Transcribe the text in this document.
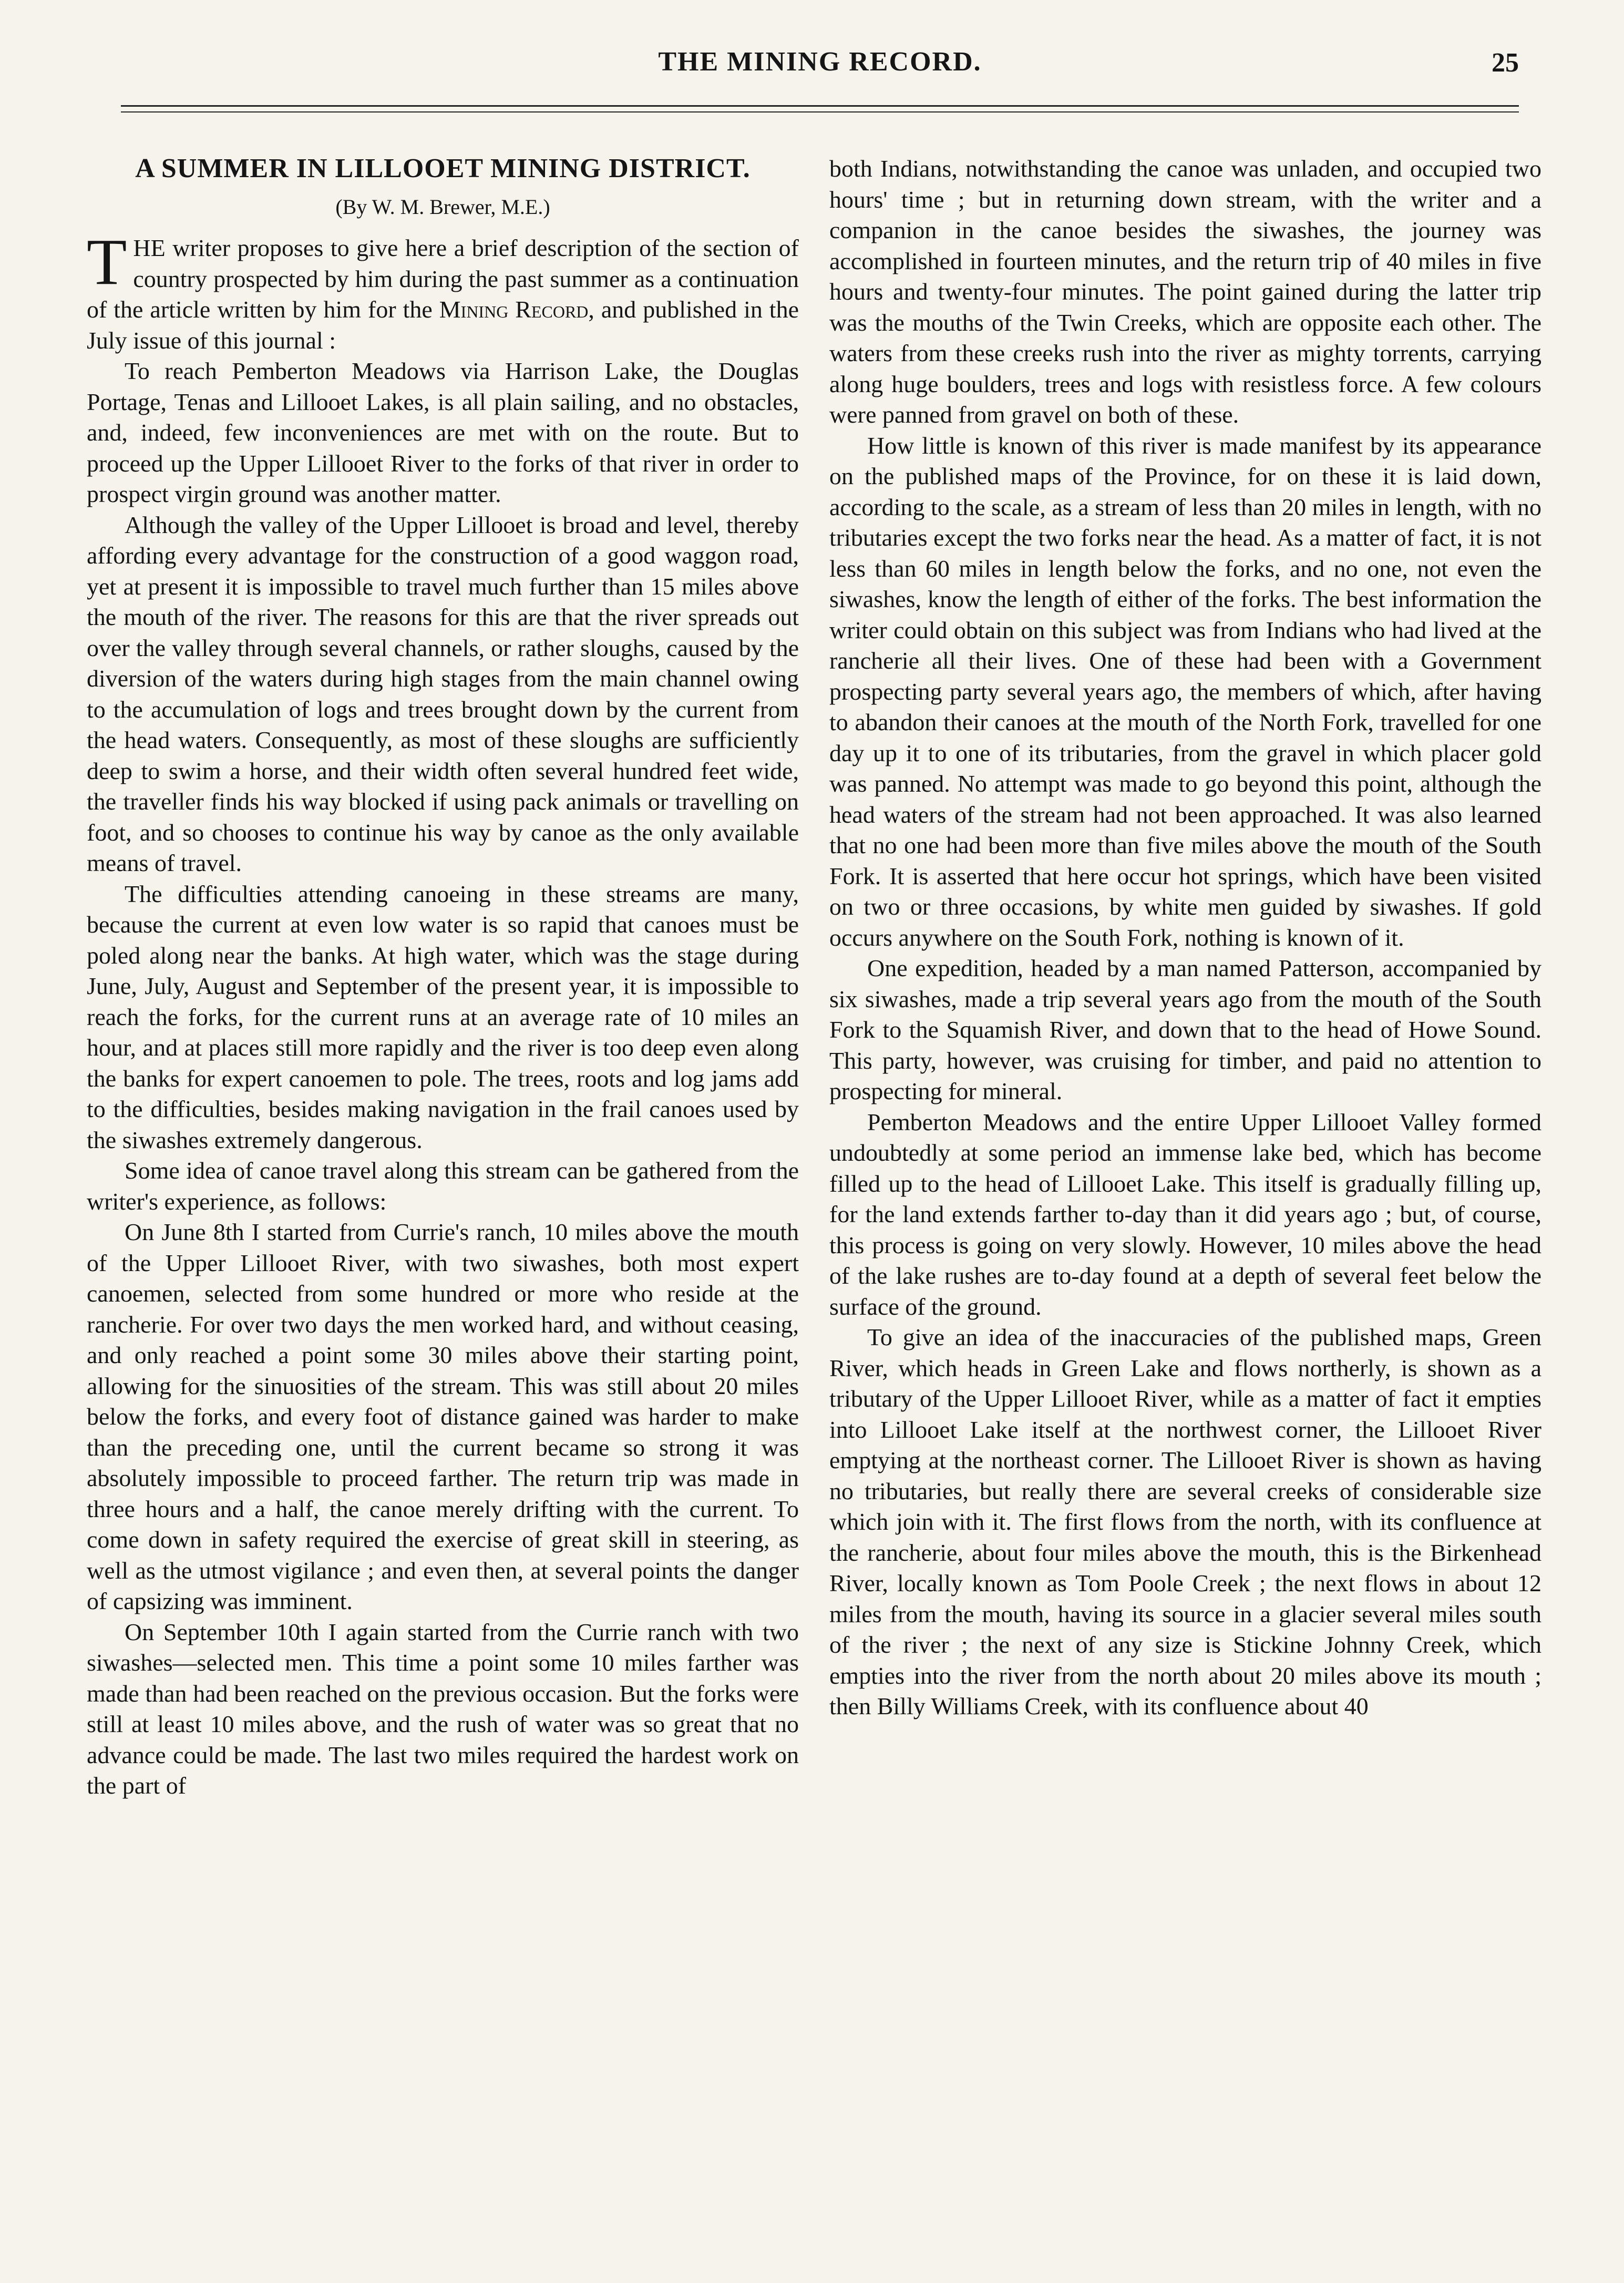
THE MINING RECORD.	25
A SUMMER IN LILLOOET MINING DISTRICT.
(By W. M. Brewer, M.E.)

THE writer proposes to give here a brief description of the section of country prospected by him during the past summer as a continuation of the article written by him for the Mining Record, and published in the July issue of this journal :

To reach Pemberton Meadows via Harrison Lake, the Douglas Portage, Tenas and Lillooet Lakes, is all plain sailing, and no obstacles, and, indeed, few inconveniences are met with on the route. But to proceed up the Upper Lillooet River to the forks of that river in order to prospect virgin ground was another matter.

Although the valley of the Upper Lillooet is broad and level, thereby affording every advantage for the construction of a good waggon road, yet at present it is impossible to travel much further than 15 miles above the mouth of the river. The reasons for this are that the river spreads out over the valley through several channels, or rather sloughs, caused by the diversion of the waters during high stages from the main channel owing to the accumulation of logs and trees brought down by the current from the head waters. Consequently, as most of these sloughs are sufficiently deep to swim a horse, and their width often several hundred feet wide, the traveller finds his way blocked if using pack animals or travelling on foot, and so chooses to continue his way by canoe as the only available means of travel.

The difficulties attending canoeing in these streams are many, because the current at even low water is so rapid that canoes must be poled along near the banks. At high water, which was the stage during June, July, August and September of the present year, it is impossible to reach the forks, for the current runs at an average rate of 10 miles an hour, and at places still more rapidly and the river is too deep even along the banks for expert canoemen to pole. The trees, roots and log jams add to the difficulties, besides making navigation in the frail canoes used by the siwashes extremely dangerous.

Some idea of canoe travel along this stream can be gathered from the writer's experience, as follows:

On June 8th I started from Currie's ranch, 10 miles above the mouth of the Upper Lillooet River, with two siwashes, both most expert canoemen, selected from some hundred or more who reside at the rancherie. For over two days the men worked hard, and without ceasing, and only reached a point some 30 miles above their starting point, allowing for the sinuosities of the stream. This was still about 20 miles below the forks, and every foot of distance gained was harder to make than the preceding one, until the current became so strong it was absolutely impossible to proceed farther. The return trip was made in three hours and a half, the canoe merely drifting with the current. To come down in safety required the exercise of great skill in steering, as well as the utmost vigilance ; and even then, at several points the danger of capsizing was imminent.

On September 10th I again started from the Currie ranch with two siwashes—selected men. This time a point some 10 miles farther was made than had been reached on the previous occasion. But the forks were still at least 10 miles above, and the rush of water was so great that no advance could be made. The last two miles required the hardest work on the part of

both Indians, notwithstanding the canoe was unladen, and occupied two hours' time ; but in returning down stream, with the writer and a companion in the canoe besides the siwashes, the journey was accomplished in fourteen minutes, and the return trip of 40 miles in five hours and twenty-four minutes. The point gained during the latter trip was the mouths of the Twin Creeks, which are opposite each other. The waters from these creeks rush into the river as mighty torrents, carrying along huge boulders, trees and logs with resistless force. A few colours were panned from gravel on both of these.

How little is known of this river is made manifest by its appearance on the published maps of the Province, for on these it is laid down, according to the scale, as a stream of less than 20 miles in length, with no tributaries except the two forks near the head. As a matter of fact, it is not less than 60 miles in length below the forks, and no one, not even the siwashes, know the length of either of the forks. The best information the writer could obtain on this subject was from Indians who had lived at the rancherie all their lives. One of these had been with a Government prospecting party several years ago, the members of which, after having to abandon their canoes at the mouth of the North Fork, travelled for one day up it to one of its tributaries, from the gravel in which placer gold was panned. No attempt was made to go beyond this point, although the head waters of the stream had not been approached. It was also learned that no one had been more than five miles above the mouth of the South Fork. It is asserted that here occur hot springs, which have been visited on two or three occasions, by white men guided by siwashes. If gold occurs anywhere on the South Fork, nothing is known of it.

One expedition, headed by a man named Patterson, accompanied by six siwashes, made a trip several years ago from the mouth of the South Fork to the Squamish River, and down that to the head of Howe Sound. This party, however, was cruising for timber, and paid no attention to prospecting for mineral.

Pemberton Meadows and the entire Upper Lillooet Valley formed undoubtedly at some period an immense lake bed, which has become filled up to the head of Lillooet Lake. This itself is gradually filling up, for the land extends farther to-day than it did years ago ; but, of course, this process is going on very slowly. However, 10 miles above the head of the lake rushes are to-day found at a depth of several feet below the surface of the ground.

To give an idea of the inaccuracies of the published maps, Green River, which heads in Green Lake and flows northerly, is shown as a tributary of the Upper Lillooet River, while as a matter of fact it empties into Lillooet Lake itself at the northwest corner, the Lillooet River emptying at the northeast corner. The Lillooet River is shown as having no tributaries, but really there are several creeks of considerable size which join with it. The first flows from the north, with its confluence at the rancherie, about four miles above the mouth, this is the Birkenhead River, locally known as Tom Poole Creek ; the next flows in about 12 miles from the mouth, having its source in a glacier several miles south of the river ; the next of any size is Stickine Johnny Creek, which empties into the river from the north about 20 miles above its mouth ; then Billy Williams Creek, with its confluence about 40
